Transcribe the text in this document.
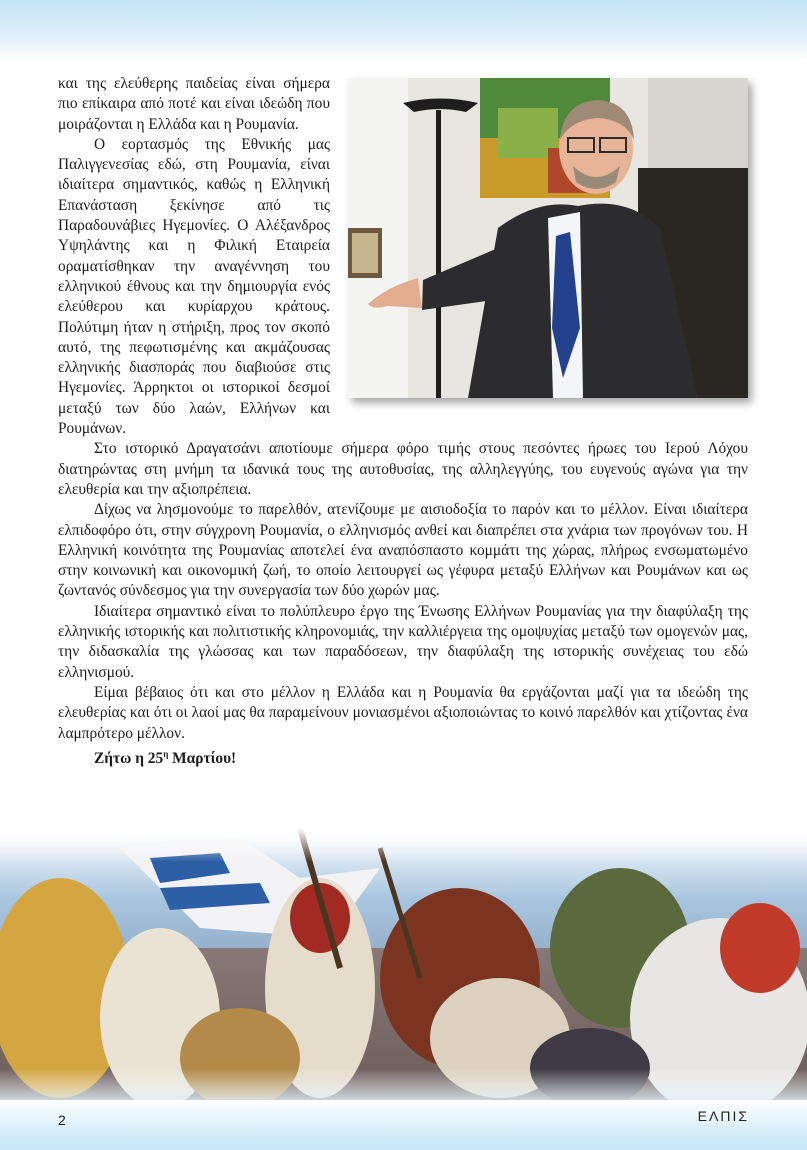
και της ελεύθερης παιδείας είναι σήμερα πιο επίκαιρα από ποτέ και είναι ιδεώδη που μοιράζονται η Ελλάδα και η Ρουμανία.

Ο εορτασμός της Εθνικής μας Παλιγγενεσίας εδώ, στη Ρουμανία, είναι ιδιαίτερα σημαντικός, καθώς η Ελληνική Επανάσταση ξεκίνησε από τις Παραδουνάβιες Ηγεμονίες. Ο Αλέξανδρος Υψηλάντης και η Φιλική Εταιρεία οραματίσθηκαν την αναγέννηση του ελληνικού έθνους και την δημιουργία ενός ελεύθερου και κυρίαρχου κράτους. Πολύτιμη ήταν η στήριξη, προς τον σκοπό αυτό, της πεφωτισμένης και ακμάζουσας ελληνικής διασποράς που διαβιούσε στις Ηγεμονίες. Άρρηκτοι οι ιστορικοί δεσμοί μεταξύ των δύο λαών, Ελλήνων και Ρουμάνων.

Στο ιστορικό Δραγατσάνι αποτίουμε σήμερα φόρο τιμής στους πεσόντες ήρωες του Ιερού Λόχου διατηρώντας στη μνήμη τα ιδανικά τους της αυτοθυσίας, της αλληλεγγύης, του ευγενούς αγώνα για την ελευθερία και την αξιοπρέπεια.

Δίχως να λησμονούμε το παρελθόν, ατενίζουμε με αισιοδοξία το παρόν και το μέλλον. Είναι ιδιαίτερα ελπιδοφόρο ότι, στην σύγχρονη Ρουμανία, ο ελληνισμός ανθεί και διαπρέπει στα χνάρια των προγόνων του. Η Ελληνική κοινότητα της Ρουμανίας αποτελεί ένα αναπόσπαστο κομμάτι της χώρας, πλήρως ενσωματωμένο στην κοινωνική και οικονομική ζωή, το οποίο λειτουργεί ως γέφυρα μεταξύ Ελλήνων και Ρουμάνων και ως ζωντανός σύνδεσμος για την συνεργασία των δύο χωρών μας.

Ιδιαίτερα σημαντικό είναι το πολύπλευρο έργο της Ένωσης Ελλήνων Ρουμανίας για την διαφύλαξη της ελληνικής ιστορικής και πολιτιστικής κληρονομιάς, την καλλιέργεια της ομοψυχίας μεταξύ των ομογενών μας, την διδασκαλία της γλώσσας και των παραδόσεων, την διαφύλαξη της ιστορικής συνέχειας του εδώ ελληνισμού.

Είμαι βέβαιος ότι και στο μέλλον η Ελλάδα και η Ρουμανία θα εργάζονται μαζί για τα ιδεώδη της ελευθερίας και ότι οι λαοί μας θα παραμείνουν μονιασμένοι αξιοποιώντας το κοινό παρελθόν και χτίζοντας ένα λαμπρότερο μέλλον.

Ζήτω η $25^\eta$ Μαρτίου!

2	ΕΛΠΙΣ
